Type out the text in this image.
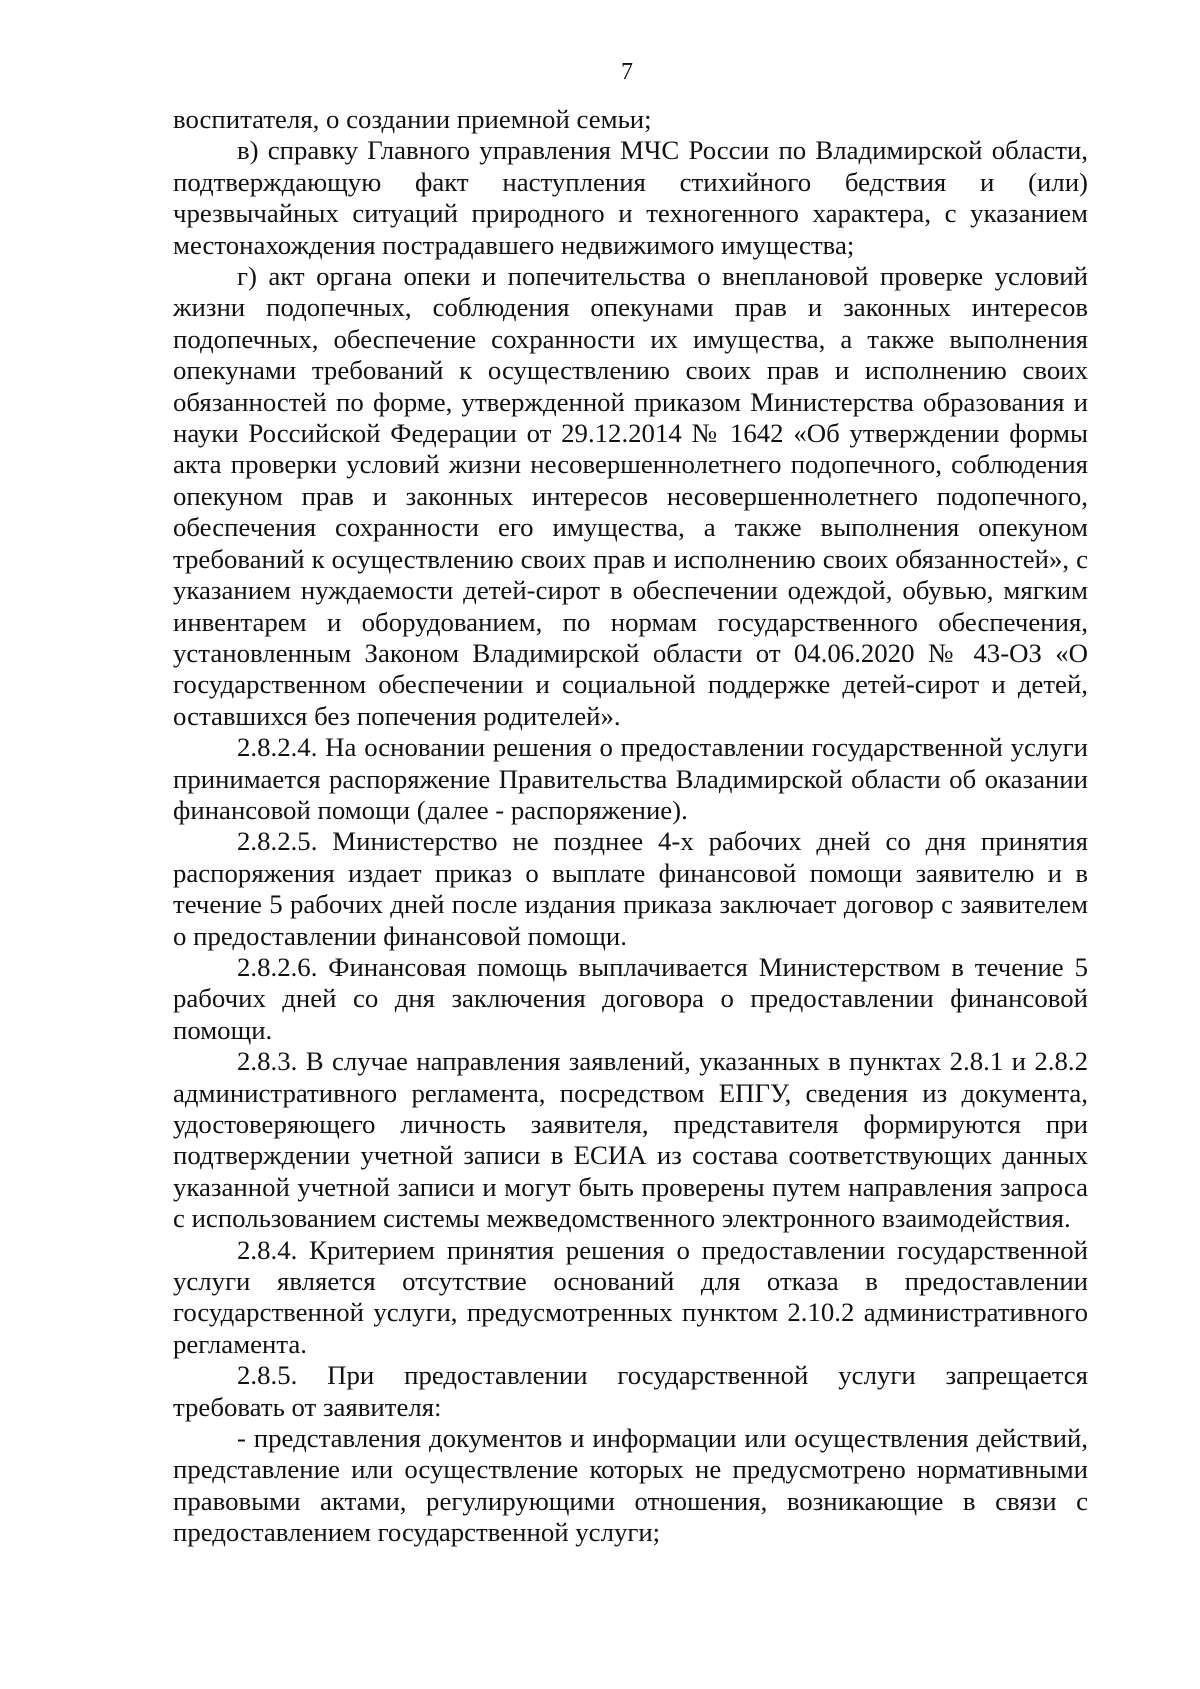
7

воспитателя, о создании приемной семьи;

в) справку Главного управления МЧС России по Владимирской области, подтверждающую факт наступления стихийного бедствия и (или) чрезвычайных ситуаций природного и техногенного характера, с указанием местонахождения пострадавшего недвижимого имущества;

г) акт органа опеки и попечительства о внеплановой проверке условий жизни подопечных, соблюдения опекунами прав и законных интересов подопечных, обеспечение сохранности их имущества, а также выполнения опекунами требований к осуществлению своих прав и исполнению своих обязанностей по форме, утвержденной приказом Министерства образования и науки Российской Федерации от 29.12.2014 № 1642 «Об утверждении формы акта проверки условий жизни несовершеннолетнего подопечного, соблюдения опекуном прав и законных интересов несовершеннолетнего подопечного, обеспечения сохранности его имущества, а также выполнения опекуном требований к осуществлению своих прав и исполнению своих обязанностей», с указанием нуждаемости детей-сирот в обеспечении одеждой, обувью, мягким инвентарем и оборудованием, по нормам государственного обеспечения, установленным Законом Владимирской области от 04.06.2020 № 43-ОЗ «О государственном обеспечении и социальной поддержке детей-сирот и детей, оставшихся без попечения родителей».

2.8.2.4. На основании решения о предоставлении государственной услуги принимается распоряжение Правительства Владимирской области об оказании финансовой помощи (далее - распоряжение).

2.8.2.5. Министерство не позднее 4-х рабочих дней со дня принятия распоряжения издает приказ о выплате финансовой помощи заявителю и в течение 5 рабочих дней после издания приказа заключает договор с заявителем о предоставлении финансовой помощи.

2.8.2.6. Финансовая помощь выплачивается Министерством в течение 5 рабочих дней со дня заключения договора о предоставлении финансовой помощи.

2.8.3. В случае направления заявлений, указанных в пунктах 2.8.1 и 2.8.2 административного регламента, посредством ЕПГУ, сведения из документа, удостоверяющего личность заявителя, представителя формируются при подтверждении учетной записи в ЕСИА из состава соответствующих данных указанной учетной записи и могут быть проверены путем направления запроса с использованием системы межведомственного электронного взаимодействия.

2.8.4. Критерием принятия решения о предоставлении государственной услуги является отсутствие оснований для отказа в предоставлении государственной услуги, предусмотренных пунктом 2.10.2 административного регламента.

2.8.5. При предоставлении государственной услуги запрещается требовать от заявителя:

- представления документов и информации или осуществления действий, представление или осуществление которых не предусмотрено нормативными правовыми актами, регулирующими отношения, возникающие в связи с предоставлением государственной услуги;
